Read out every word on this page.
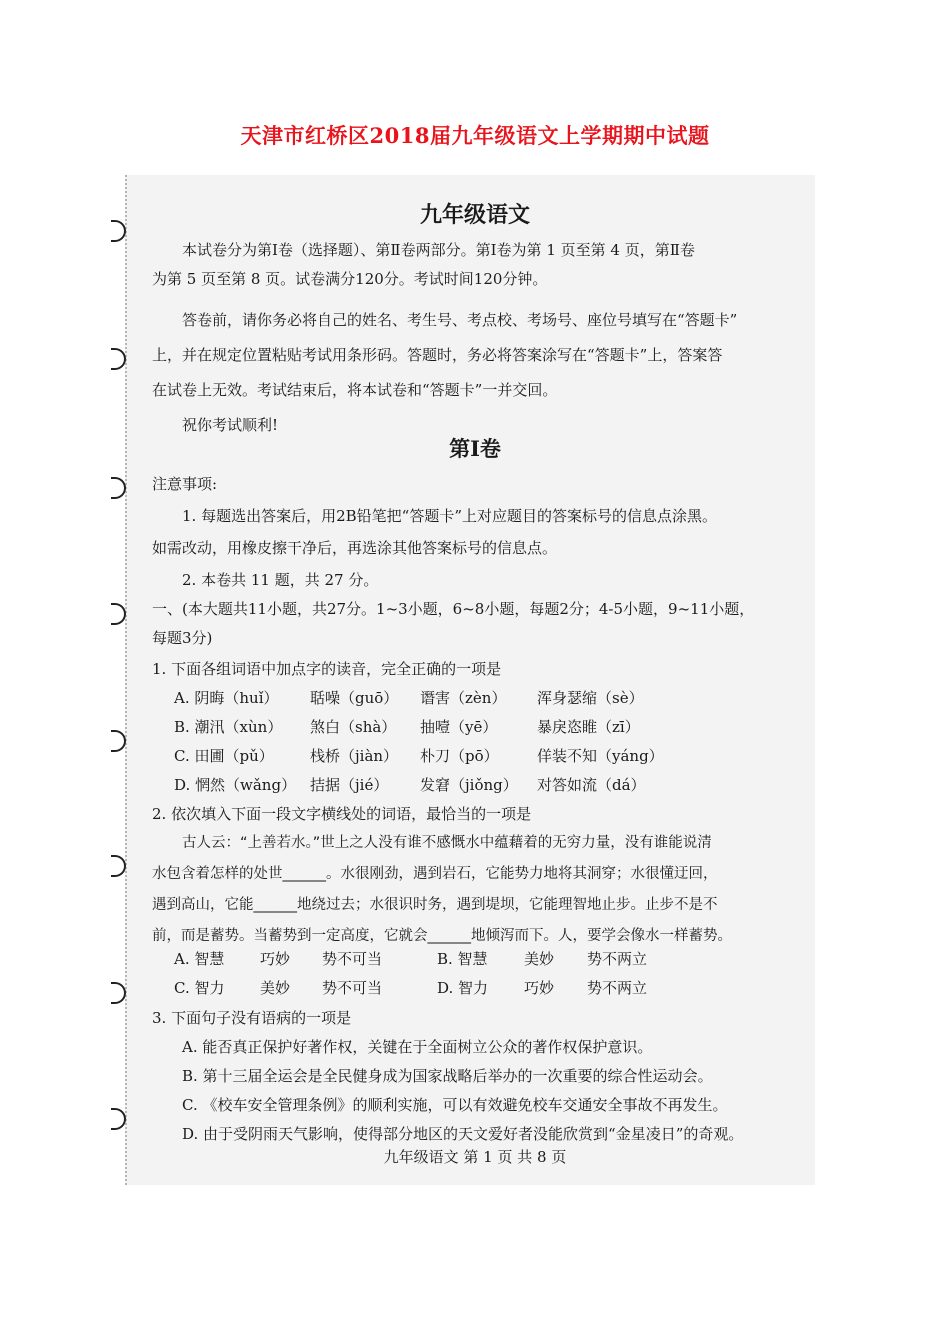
天津市红桥区2018届九年级语文上学期期中试题
九年级语文
本试卷分为第Ⅰ卷（选择题）、第Ⅱ卷两部分。第Ⅰ卷为第 1 页至第 4 页，第Ⅱ卷
为第 5 页至第 8 页。试卷满分120分。考试时间120分钟。
答卷前，请你务必将自己的姓名、考生号、考点校、考场号、座位号填写在“答题卡”
上，并在规定位置粘贴考试用条形码。答题时，务必将答案涂写在“答题卡”上，答案答
在试卷上无效。考试结束后，将本试卷和“答题卡”一并交回。
祝你考试顺利!
第Ⅰ卷
注意事项:
1. 每题选出答案后，用2B铅笔把“答题卡”上对应题目的答案标号的信息点涂黑。
如需改动，用橡皮擦干净后，再选涂其他答案标号的信息点。
2. 本卷共 11 题，共 27 分。
一、(本大题共11小题，共27分。1~3小题，6~8小题，每题2分；4-5小题，9~11小题，
每题3分)
1. 下面各组词语中加点字的读音，完全正确的一项是
A. 阴晦（huǐ） 聒噪（guō） 谮害（zèn） 浑身瑟缩（sè）
B. 潮汛（xùn） 煞白（shà） 抽噎（yē）	暴戾恣睢（zī）
C. 田圃（pǔ） 栈桥（jiàn） 朴刀（pō）	佯装不知（yáng）
D. 惘然（wǎng） 拮据（jié） 发窘（jiǒng） 对答如流（dá）
2. 依次填入下面一段文字横线处的词语，最恰当的一项是
古人云：“上善若水。”世上之人没有谁不感慨水中蕴藉着的无穷力量，没有谁能说清
水包含着怎样的处世______。水很刚劲，遇到岩石，它能势力地将其洞穿；水很懂迂回，
遇到高山，它能______地绕过去；水很识时务，遇到堤坝，它能理智地止步。止步不是不
前，而是蓄势。当蓄势到一定高度，它就会______地倾泻而下。人，要学会像水一样蓄势。
A. 智慧 巧妙 势不可当	B. 智慧 美妙 势不两立
C. 智力 美妙 势不可当	D. 智力 巧妙 势不两立
3. 下面句子没有语病的一项是
A. 能否真正保护好著作权，关键在于全面树立公众的著作权保护意识。
B. 第十三届全运会是全民健身成为国家战略后举办的一次重要的综合性运动会。
C. 《校车安全管理条例》的顺利实施，可以有效避免校车交通安全事故不再发生。
D. 由于受阴雨天气影响，使得部分地区的天文爱好者没能欣赏到“金星凌日”的奇观。
九年级语文 第 1 页 共 8 页
